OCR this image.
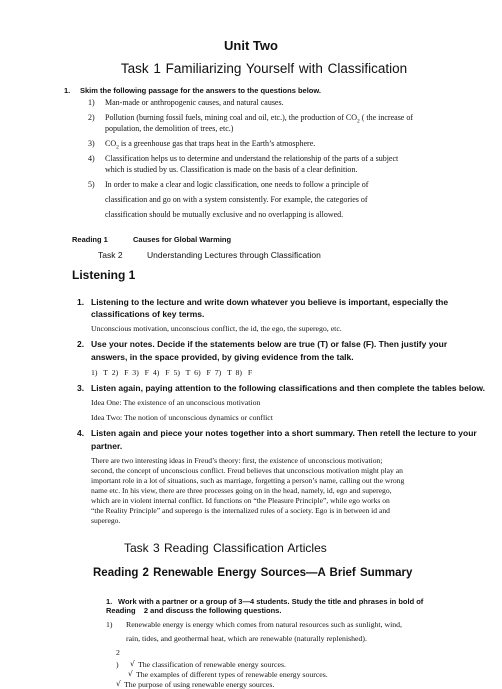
Unit Two
Task 1 Familiarizing Yourself with Classification
1. Skim the following passage for the answers to the questions below.
1) Man-made or anthropogenic causes, and natural causes.
2) Pollution (burning fossil fuels, mining coal and oil, etc.), the production of $CO_2$ ( the increase of
population, the demolition of trees, etc.)
3) $CO_2$ is a greenhouse gas that traps heat in the Earth’s atmosphere.
4) Classification helps us to determine and understand the relationship of the parts of a subject
which is studied by us. Classification is made on the basis of a clear definition.
5) In order to make a clear and logic classification, one needs to follow a principle of
classification and go on with a system consistently. For example, the categories of
classification should be mutually exclusive and no overlapping is allowed.
Reading 1	Causes for Global Warming
Task 2	Understanding Lectures through Classification
Listening 1
1. Listening to the lecture and write down whatever you believe is important, especially the
classifications of key terms.
Unconscious motivation, unconscious conflict, the id, the ego, the superego, etc.
2. Use your notes. Decide if the statements below are true (T) or false (F). Then justify your
answers, in the space provided, by giving evidence from the talk.
1)   T  2)   F  3)   F  4)   F  5)   T  6)   F  7)   T  8)   F
3. Listen again, paying attention to the following classifications and then complete the tables below.
Idea One: The existence of an unconscious motivation
Idea Two: The notion of unconscious dynamics or conflict
4. Listen again and piece your notes together into a short summary. Then retell the lecture to your
partner.
There are two interesting ideas in Freud’s theory: first, the existence of unconscious motivation;
second, the concept of unconscious conflict. Freud believes that unconscious motivation might play an
important role in a lot of situations, such as marriage, forgetting a person’s name, calling out the wrong
name etc. In his view, there are three processes going on in the head, namely, id, ego and superego,
which are in violent internal conflict. Id functions on “the Pleasure Principle”, while ego works on
“the Reality Principle” and superego is the internalized rules of a society. Ego is in between id and
superego.
Task 3 Reading Classification Articles
Reading 2 Renewable Energy Sources—A Brief Summary
1. Work with a partner or a group of 3—4 students. Study the title and phrases in bold of
Reading    2 and discuss the following questions.
1) Renewable energy is energy which comes from natural resources such as sunlight, wind,
rain, tides, and geothermal heat, which are renewable (naturally replenished).
2
) √ The classification of renewable energy sources.
√ The examples of different types of renewable energy sources.
√ The purpose of using renewable energy sources.
